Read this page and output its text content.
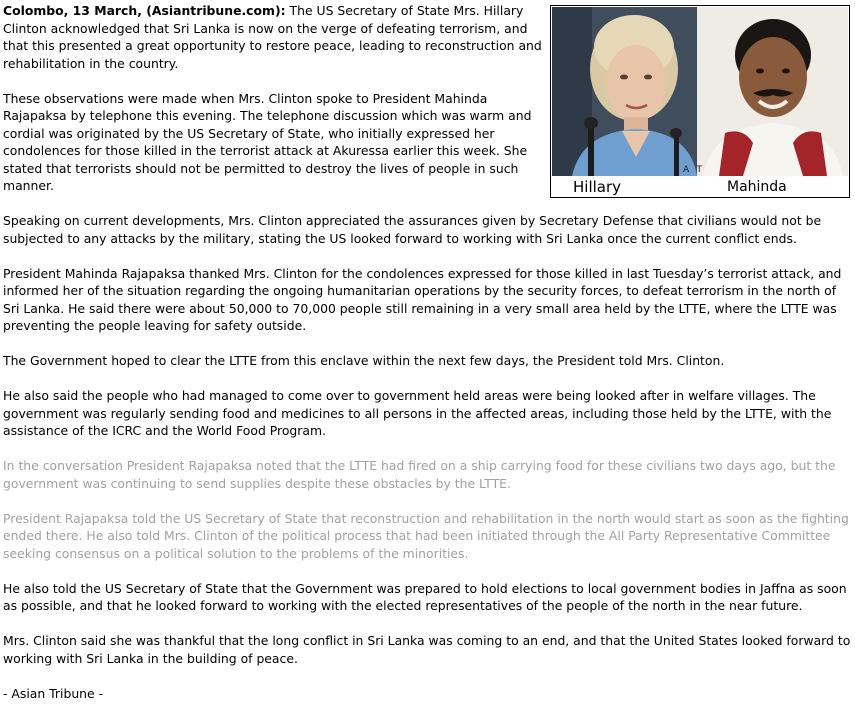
AT
Hillary	Mahinda

Colombo, 13 March, (Asiantribune.com): The US Secretary of State Mrs. Hillary Clinton acknowledged that Sri Lanka is now on the verge of defeating terrorism, and that this presented a great opportunity to restore peace, leading to reconstruction and rehabilitation in the country.

These observations were made when Mrs. Clinton spoke to President Mahinda Rajapaksa by telephone this evening. The telephone discussion which was warm and cordial was originated by the US Secretary of State, who initially expressed her condolences for those killed in the terrorist attack at Akuressa earlier this week. She stated that terrorists should not be permitted to destroy the lives of people in such manner.

Speaking on current developments, Mrs. Clinton appreciated the assurances given by Secretary Defense that civilians would not be subjected to any attacks by the military, stating the US looked forward to working with Sri Lanka once the current conflict ends.

President Mahinda Rajapaksa thanked Mrs. Clinton for the condolences expressed for those killed in last Tuesday’s terrorist attack, and informed her of the situation regarding the ongoing humanitarian operations by the security forces, to defeat terrorism in the north of Sri Lanka. He said there were about 50,000 to 70,000 people still remaining in a very small area held by the LTTE, where the LTTE was preventing the people leaving for safety outside.

The Government hoped to clear the LTTE from this enclave within the next few days, the President told Mrs. Clinton.

He also said the people who had managed to come over to government held areas were being looked after in welfare villages. The government was regularly sending food and medicines to all persons in the affected areas, including those held by the LTTE, with the assistance of the ICRC and the World Food Program.

In the conversation President Rajapaksa noted that the LTTE had fired on a ship carrying food for these civilians two days ago, but the government was continuing to send supplies despite these obstacles by the LTTE.

President Rajapaksa told the US Secretary of State that reconstruction and rehabilitation in the north would start as soon as the fighting ended there. He also told Mrs. Clinton of the political process that had been initiated through the All Party Representative Committee seeking consensus on a political solution to the problems of the minorities.

He also told the US Secretary of State that the Government was prepared to hold elections to local government bodies in Jaffna as soon as possible, and that he looked forward to working with the elected representatives of the people of the north in the near future.

Mrs. Clinton said she was thankful that the long conflict in Sri Lanka was coming to an end, and that the United States looked forward to working with Sri Lanka in the building of peace.

- Asian Tribune -
